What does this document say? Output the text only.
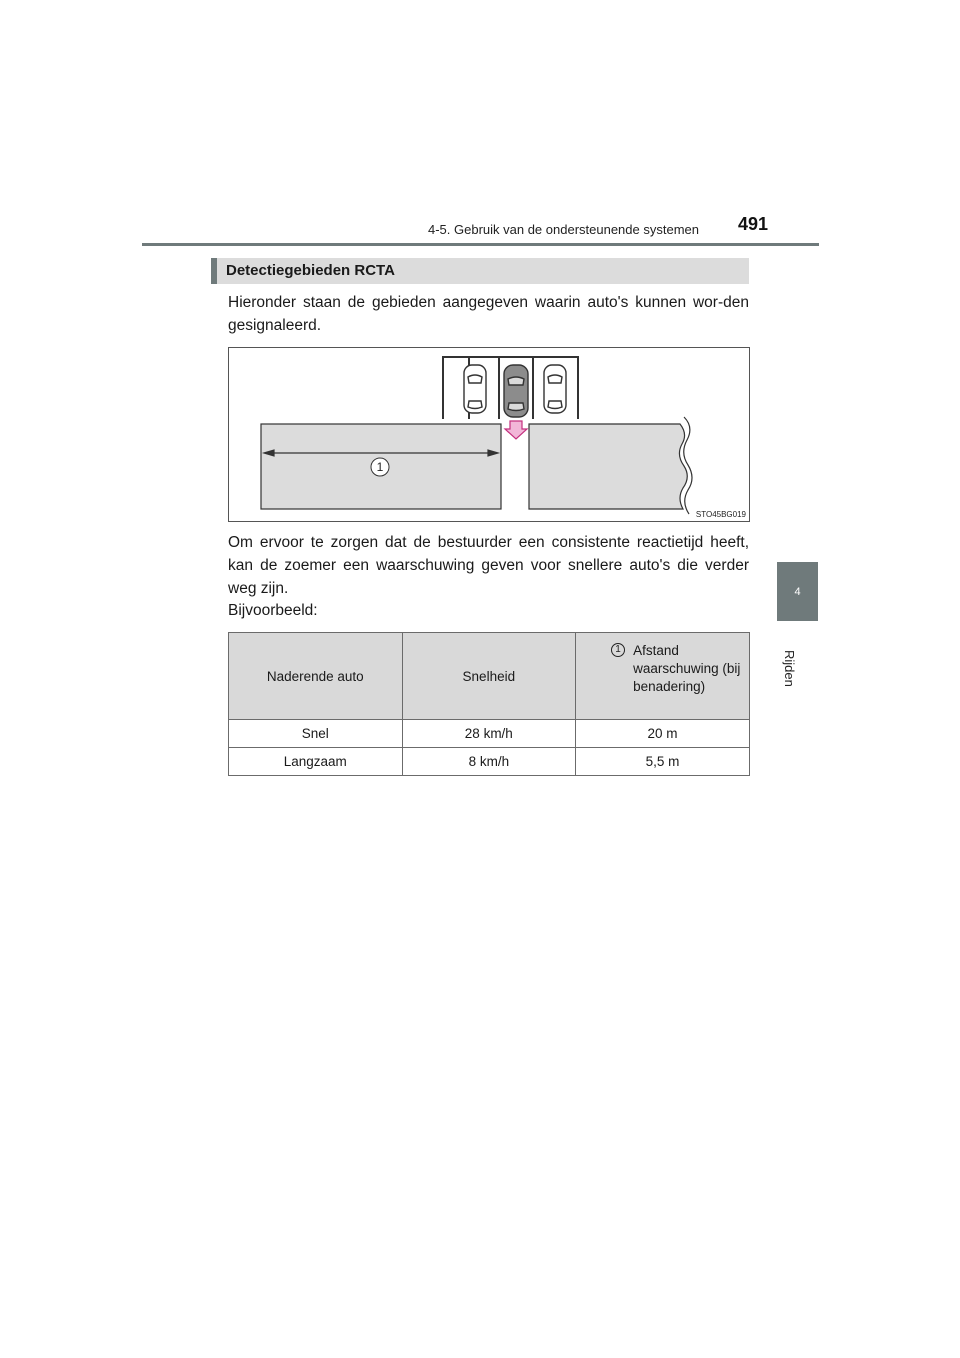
4-5. Gebruik van de ondersteunende systemen 491
4
Rijden
Detectiegebieden RCTA

Hieronder staan de gebieden aangegeven waarin auto's kunnen wor-den gesignaleerd.

1
STO45BG019

Om ervoor te zorgen dat de bestuurder een consistente reactietijd heeft, kan de zoemer een waarschuwing geven voor snellere auto's die verder weg zijn.

Bijvoorbeeld:

Naderende auto	Snelheid	1 Afstand waarschuwing (bij benadering)

Snel	28 km/h	20 m
Langzaam	8 km/h	5,5 m
